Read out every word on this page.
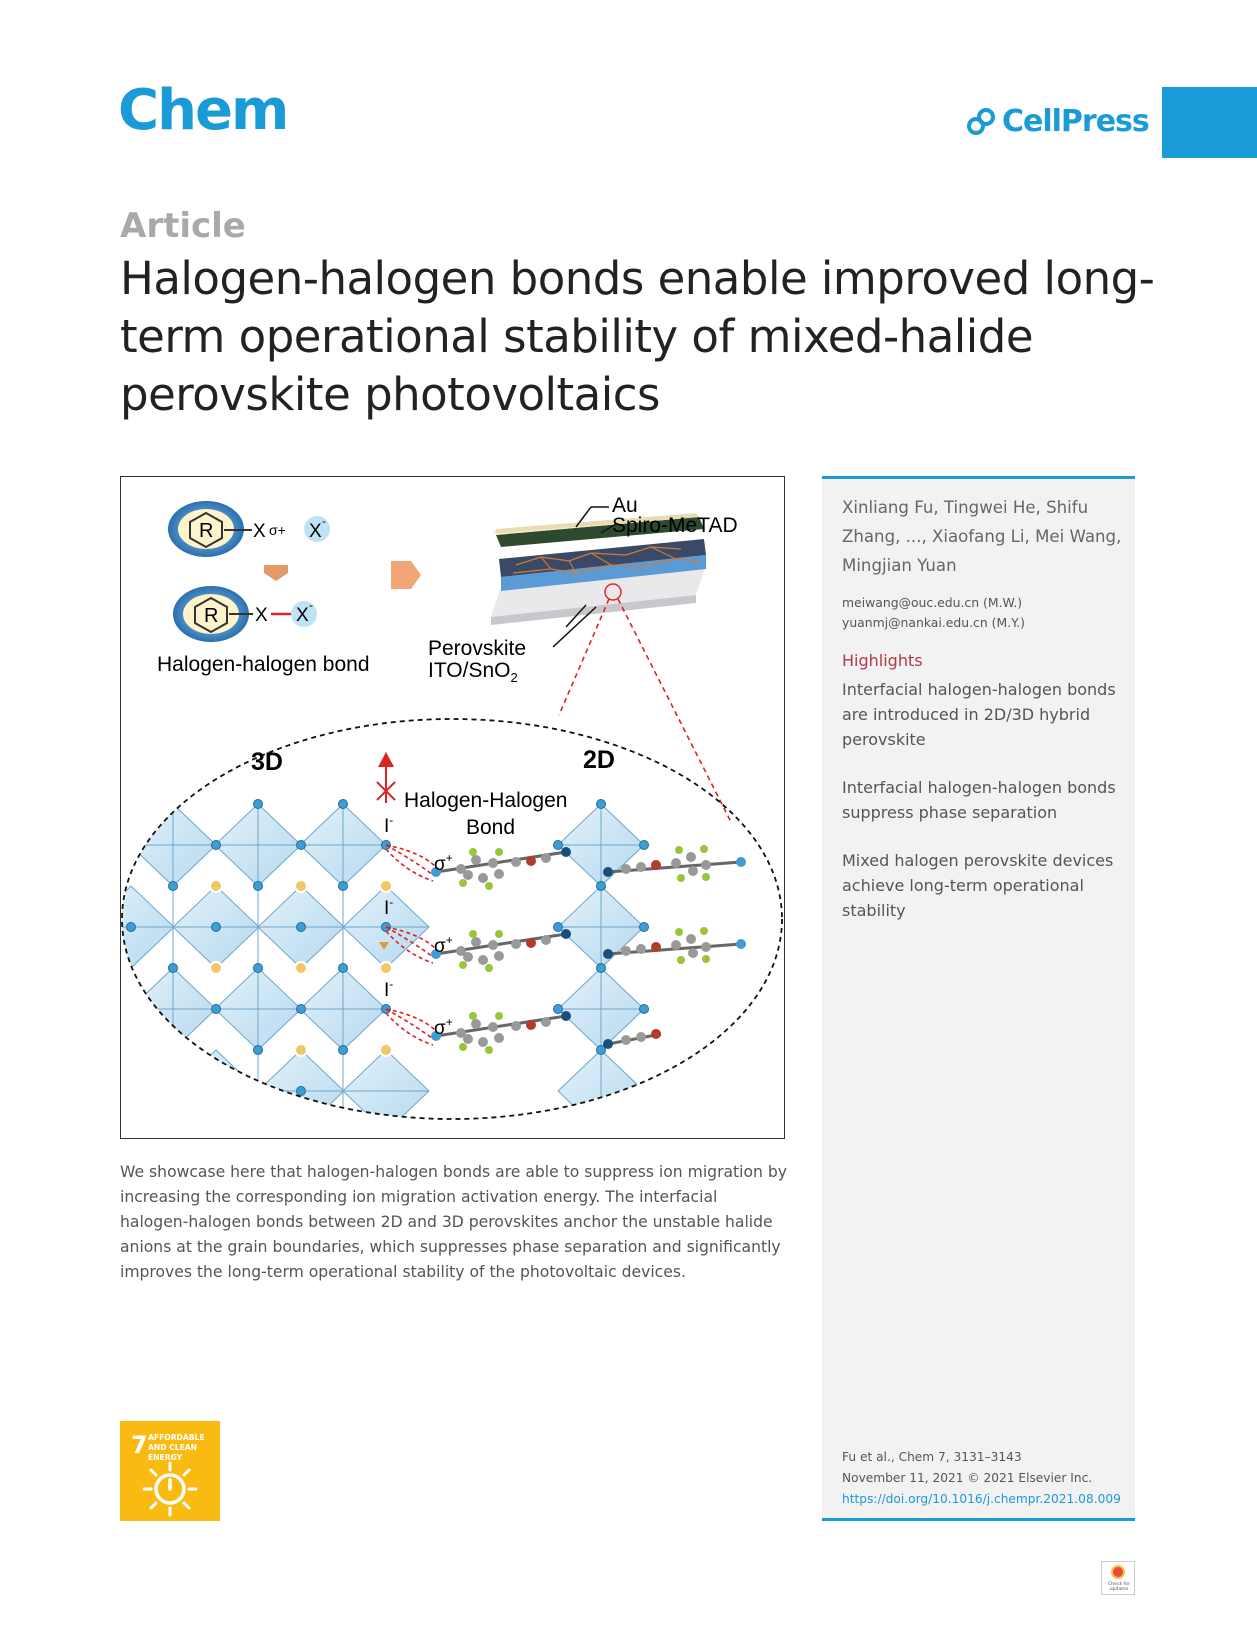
Chem	CellPress
Article
Halogen-halogen bonds enable improved long-term operational stability of mixed-halide perovskite photovoltaics
R X σ+ X -
R X X -
Halogen-halogen bond
Au
Spiro-MeTAD
Perovskite
ITO/SnO$_2$
3D	2D
Halogen-Halogen
Bond
I-
I-
I-
σ+
σ+
σ+

We showcase here that halogen-halogen bonds are able to suppress ion migration by increasing the corresponding ion migration activation energy. The interfacial halogen-halogen bonds between 2D and 3D perovskites anchor the unstable halide anions at the grain boundaries, which suppresses phase separation and significantly improves the long-term operational stability of the photovoltaic devices.

Xinliang Fu, Tingwei He, Shifu Zhang, ..., Xiaofang Li, Mei Wang, Mingjian Yuan

meiwang@ouc.edu.cn (M.W.)
yuanmj@nankai.edu.cn (M.Y.)
Highlights
Interfacial halogen-halogen bonds are introduced in 2D/3D hybrid perovskite
Interfacial halogen-halogen bonds suppress phase separation
Mixed halogen perovskite devices achieve long-term operational stability
Fu et al., Chem 7, 3131–3143
November 11, 2021 © 2021 Elsevier Inc.
https://doi.org/10.1016/j.chempr.2021.08.009
7 AFFORDABLE AND CLEAN ENERGY
Check for updates
